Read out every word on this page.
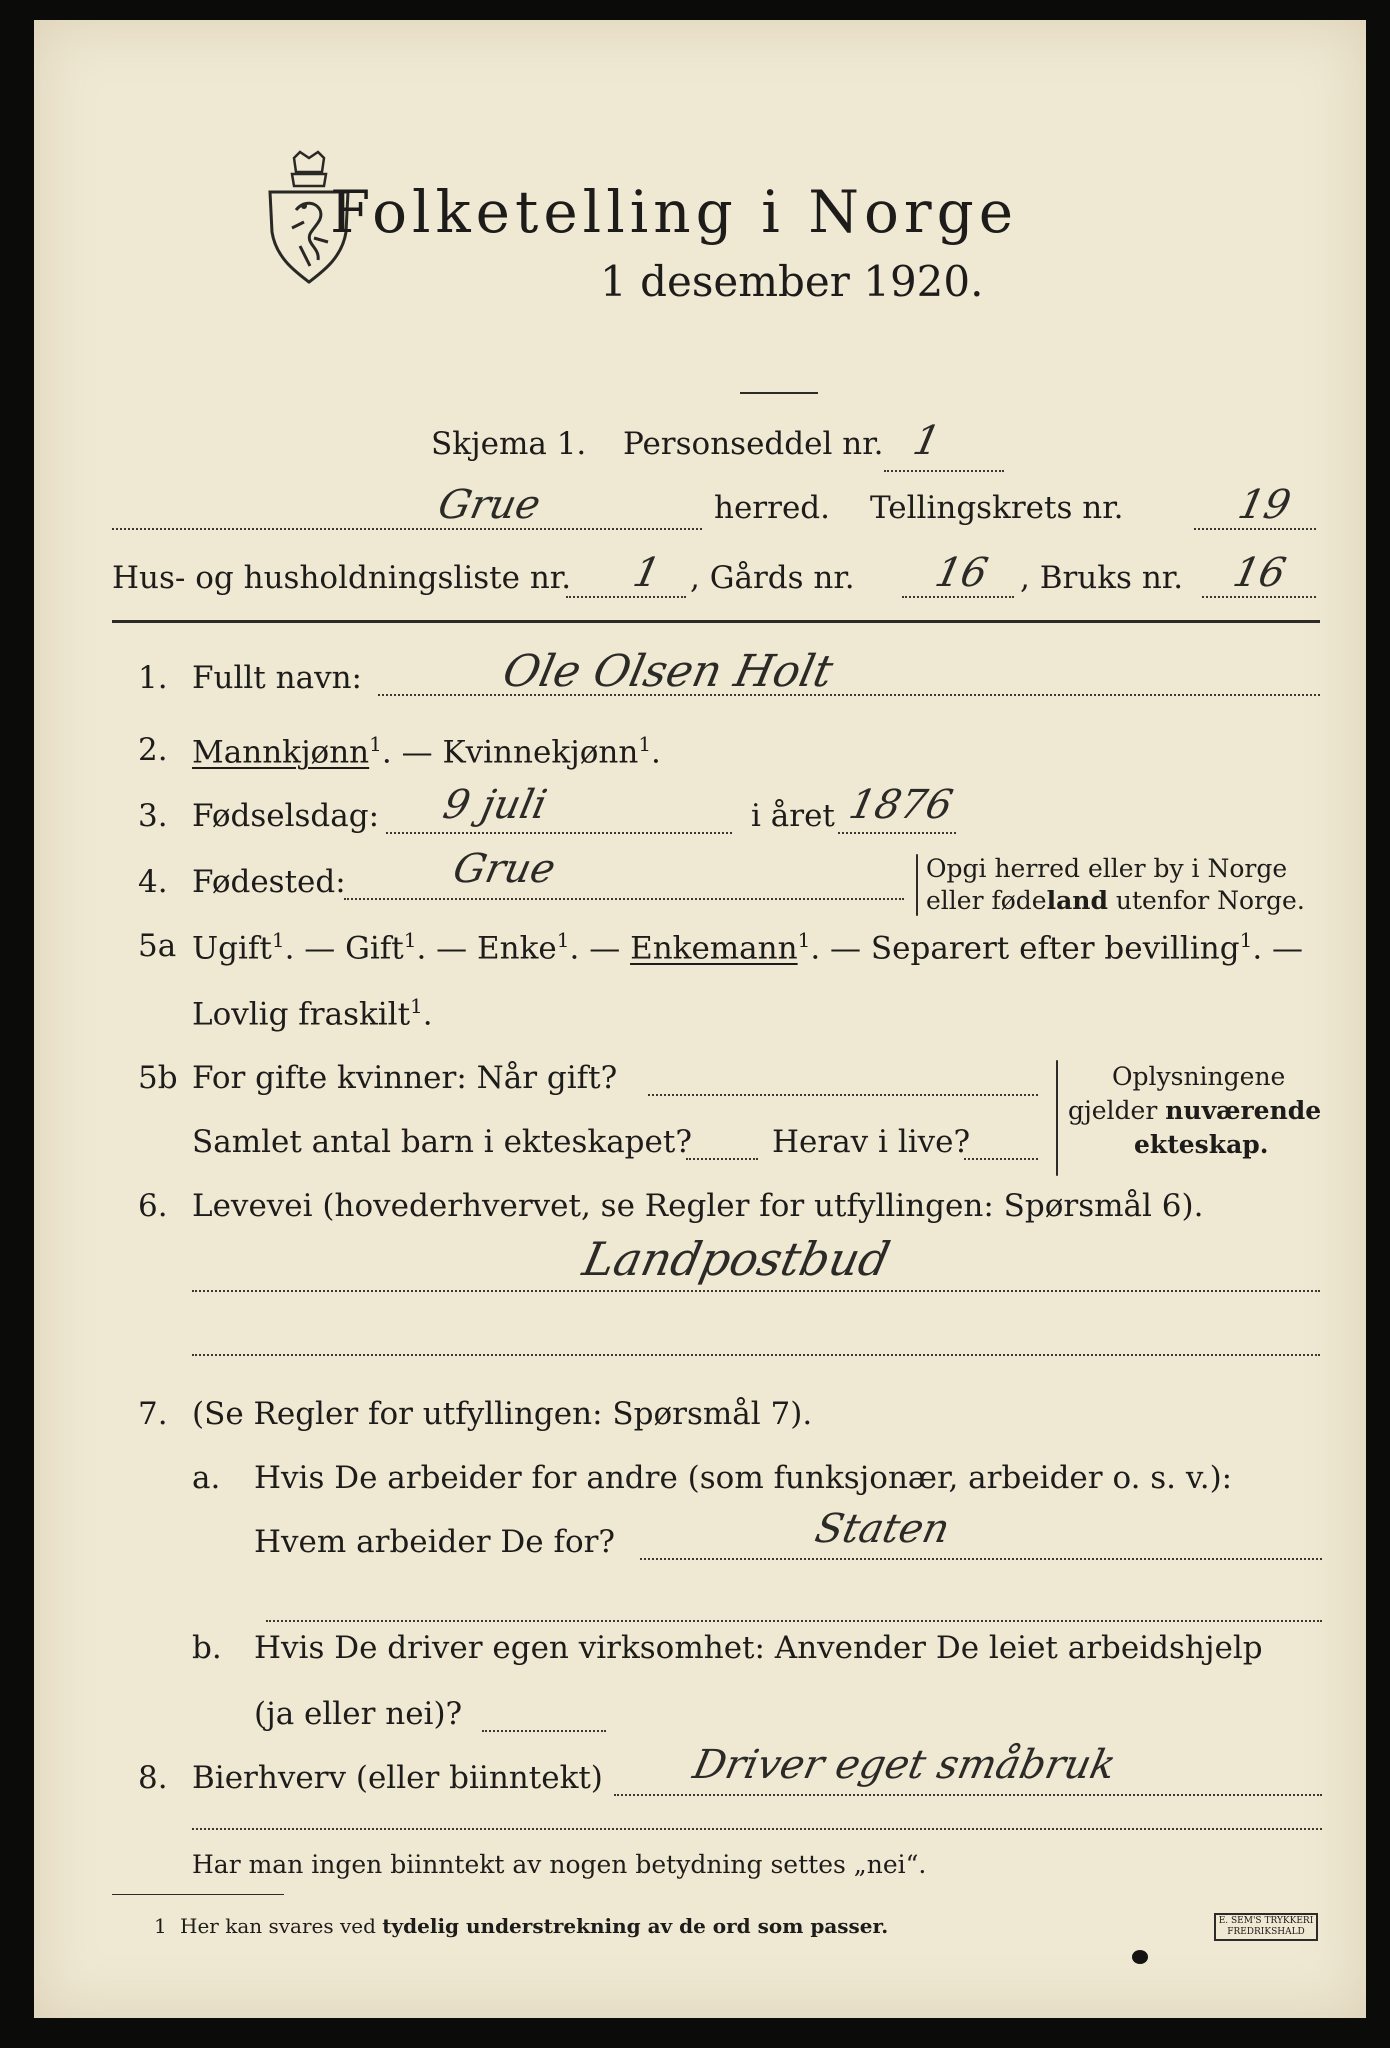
Folketelling i Norge
1 desember 1920.
Skjema 1. Personseddel nr. 1
Grue	herred. Tellingskrets nr.	19
Hus- og husholdningsliste nr. 1 , Gårds nr. 16 , Bruks nr. 16
1. Fullt navn:	Ole Olsen Holt
2. Mannkjønn$^1$. — Kvinnekjønn$^1$.
3. Fødselsdag: 9 juli	i året 1876
4. Fødested:	Grue	Opgi herred eller by i Norge
eller fødeland utenfor Norge.
5a Ugift$^1$. — Gift$^1$. — Enke$^1$. — Enkemann$^1$. — Separert efter bevilling$^1$. —
Lovlig fraskilt$^1$.
5b For gifte kvinner: Når gift?
Samlet antal barn i ekteskapet?	Herav i live?
Oplysningene
gjelder nuværende
ekteskap.
6. Levevei (hovederhvervet, se Regler for utfyllingen: Spørsmål 6).
Landpostbud
7. (Se Regler for utfyllingen: Spørsmål 7).
a. Hvis De arbeider for andre (som funksjonær, arbeider o. s. v.):
Hvem arbeider De for?	Staten
b. Hvis De driver egen virksomhet: Anvender De leiet arbeidshjelp
(ja eller nei)?
8. Bierhverv (eller biinntekt) Driver eget småbruk
Har man ingen biinntekt av nogen betydning settes „nei“.
1 Her kan svares ved tydelig understrekning av de ord som passer.	E. SEM'S TRYKKERI
FREDRIKSHALD
